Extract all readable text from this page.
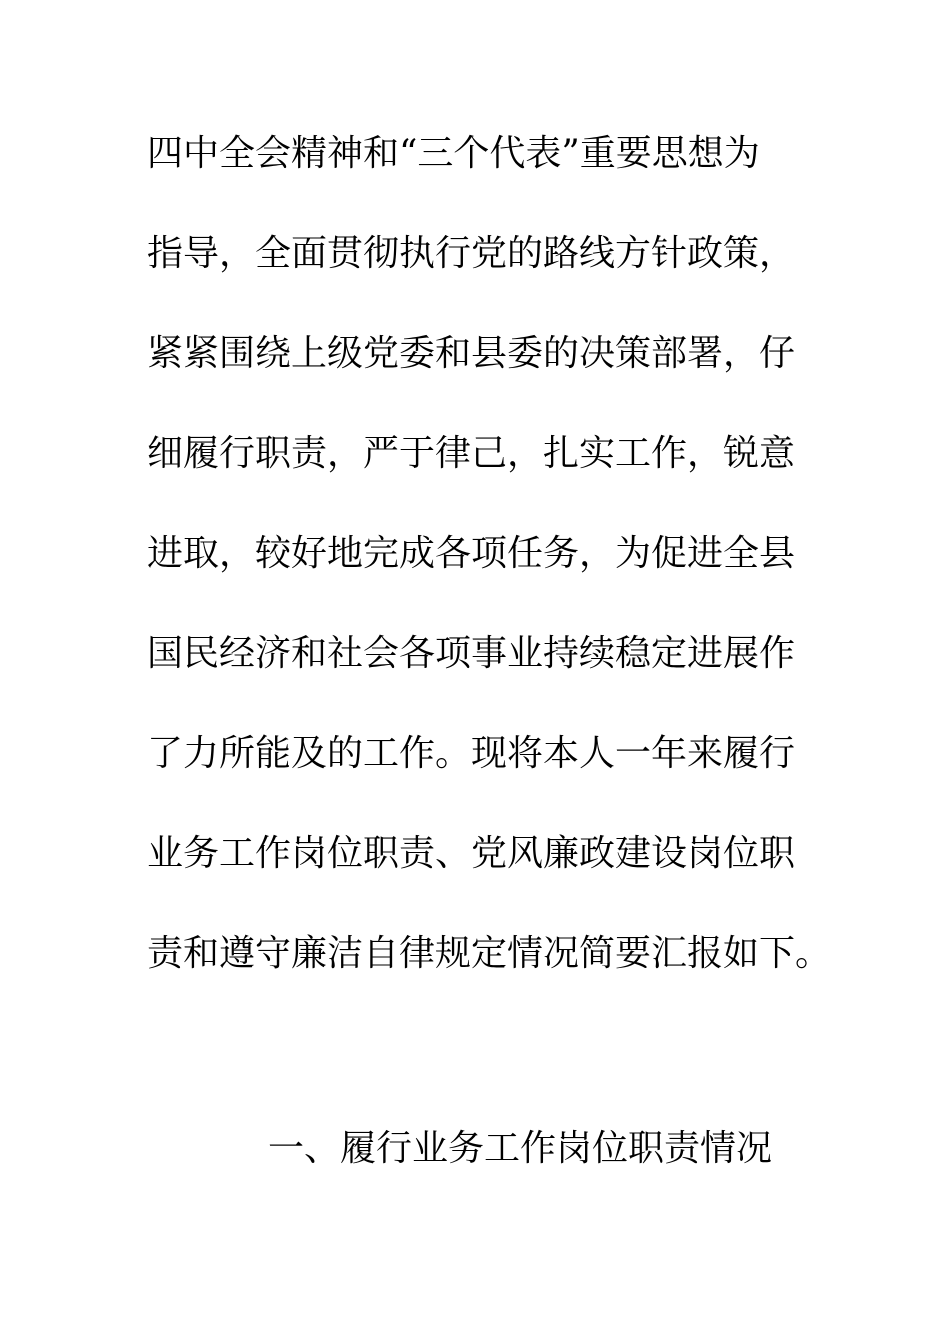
四中全会精神和“三个代表”重要思想为
指导，全面贯彻执行党的路线方针政策，
紧紧围绕上级党委和县委的决策部署，仔
细履行职责，严于律己，扎实工作，锐意
进取，较好地完成各项任务，为促进全县
国民经济和社会各项事业持续稳定进展作
了力所能及的工作。现将本人一年来履行
业务工作岗位职责、党风廉政建设岗位职
责和遵守廉洁自律规定情况简要汇报如下。
一、履行业务工作岗位职责情况
